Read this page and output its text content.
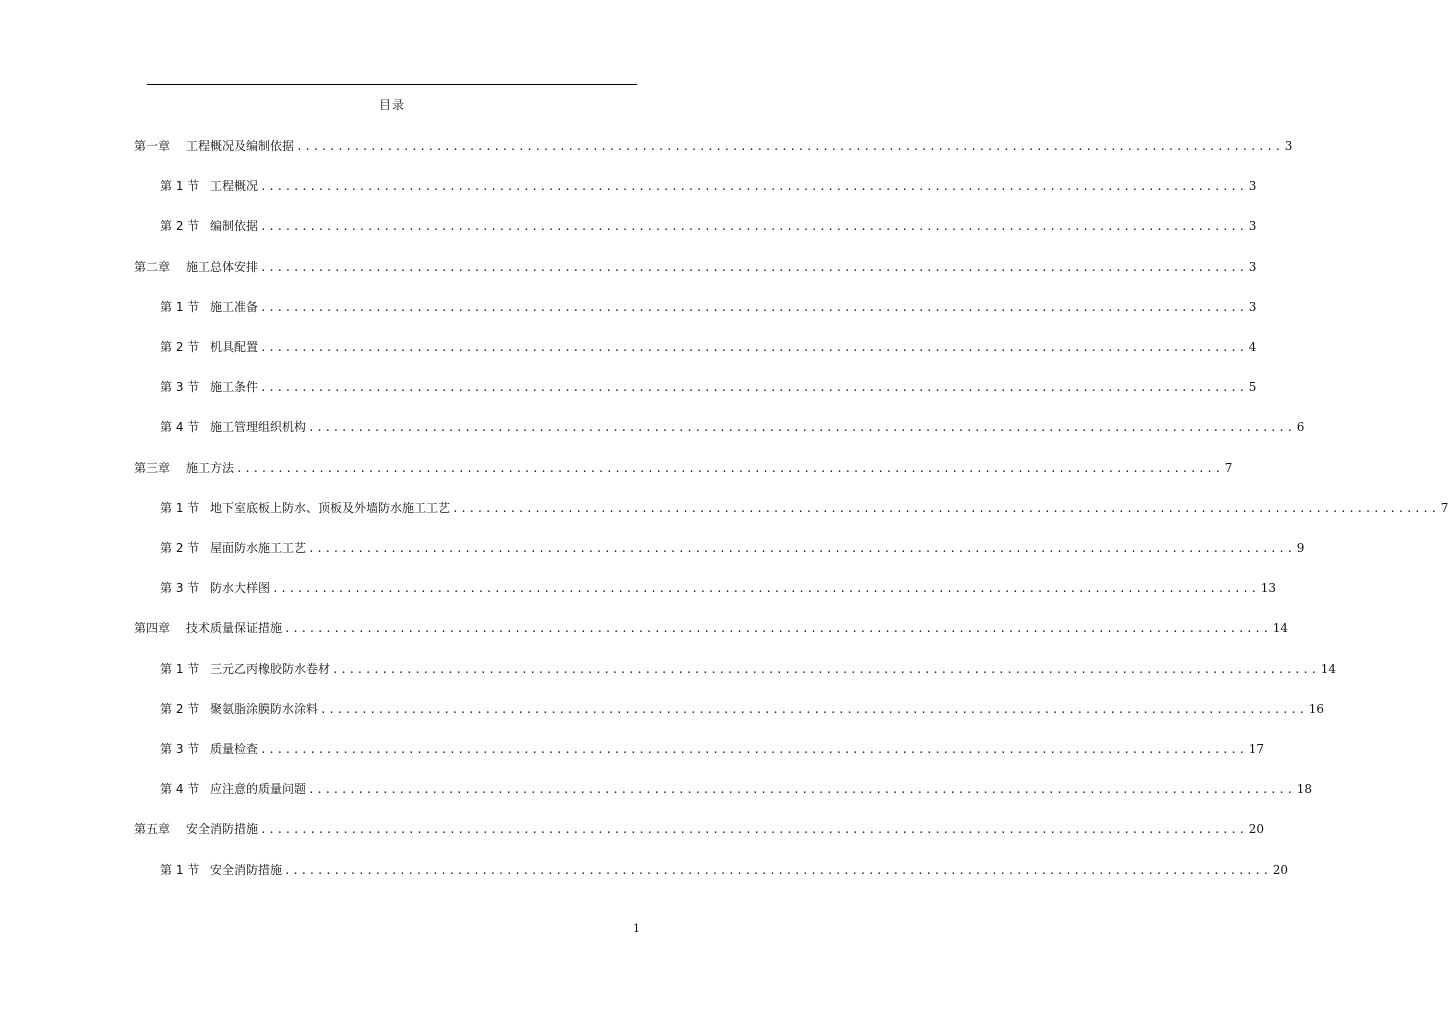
目录
第一章	工程概况及编制依据 ........................................................................................................................ 3
第 1 节 工程概况 ........................................................................................................................ 3
第 2 节 编制依据 ........................................................................................................................ 3
第二章	施工总体安排 ........................................................................................................................ 3
第 1 节 施工准备 ........................................................................................................................ 3
第 2 节 机具配置 ........................................................................................................................ 4
第 3 节 施工条件 ........................................................................................................................ 5
第 4 节 施工管理组织机构 ........................................................................................................................ 6
第三章	施工方法 ........................................................................................................................ 7
第 1 节 地下室底板上防水、顶板及外墙防水施工工艺 ........................................................................................................................ 7
第 2 节 屋面防水施工工艺 ........................................................................................................................ 9
第 3 节 防水大样图 ........................................................................................................................ 13
第四章	技术质量保证措施 ........................................................................................................................ 14
第 1 节 三元乙丙橡胶防水卷材 ........................................................................................................................ 14
第 2 节 聚氨脂涂膜防水涂料 ........................................................................................................................ 16
第 3 节 质量检查 ........................................................................................................................ 17
第 4 节 应注意的质量问题 ........................................................................................................................ 18
第五章	安全消防措施 ........................................................................................................................ 20
第 1 节 安全消防措施 ........................................................................................................................ 20
1
